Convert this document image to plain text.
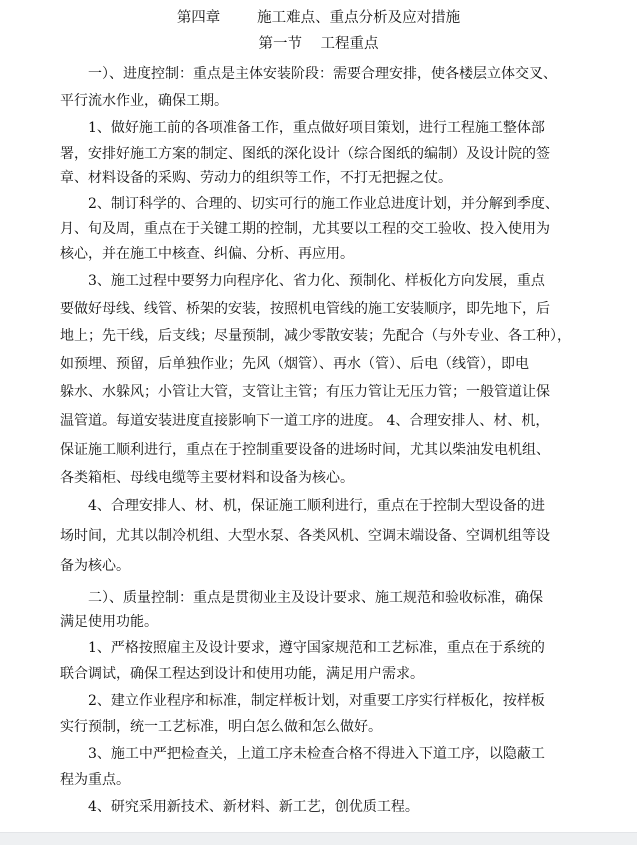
第四章        施工难点、重点分析及应对措施
第一节    工程重点
一）、进度控制：重点是主体安装阶段：需要合理安排，使各楼层立体交叉、
平行流水作业，确保工期。
1、做好施工前的各项准备工作，重点做好项目策划，进行工程施工整体部
署，安排好施工方案的制定、图纸的深化设计（综合图纸的编制）及设计院的签
章、材料设备的采购、劳动力的组织等工作，不打无把握之仗。
2、制订科学的、合理的、切实可行的施工作业总进度计划，并分解到季度、
月、旬及周，重点在于关键工期的控制，尤其要以工程的交工验收、投入使用为
核心，并在施工中核查、纠偏、分析、再应用。
3、施工过程中要努力向程序化、省力化、预制化、样板化方向发展，重点
要做好母线、线管、桥架的安装，按照机电管线的施工安装顺序，即先地下，后
地上；先干线，后支线；尽量预制，减少零散安装；先配合（与外专业、各工种），
如预埋、预留，后单独作业；先风（烟管）、再水（管）、后电（线管），即电
躲水、水躲风；小管让大管，支管让主管；有压力管让无压力管；一般管道让保
温管道。每道安装进度直接影响下一道工序的进度。 4、合理安排人、材、机，
保证施工顺利进行，重点在于控制重要设备的进场时间，尤其以柴油发电机组、
各类箱柜、母线电缆等主要材料和设备为核心。
4、合理安排人、材、机，保证施工顺利进行，重点在于控制大型设备的进
场时间，尤其以制冷机组、大型水泵、各类风机、空调末端设备、空调机组等设
备为核心。
二）、质量控制：重点是贯彻业主及设计要求、施工规范和验收标准，确保
满足使用功能。
1、严格按照雇主及设计要求，遵守国家规范和工艺标准，重点在于系统的
联合调试，确保工程达到设计和使用功能，满足用户需求。
2、建立作业程序和标准，制定样板计划，对重要工序实行样板化，按样板
实行预制，统一工艺标准，明白怎么做和怎么做好。
3、施工中严把检查关，上道工序未检查合格不得进入下道工序，以隐蔽工
程为重点。
4、研究采用新技术、新材料、新工艺，创优质工程。
